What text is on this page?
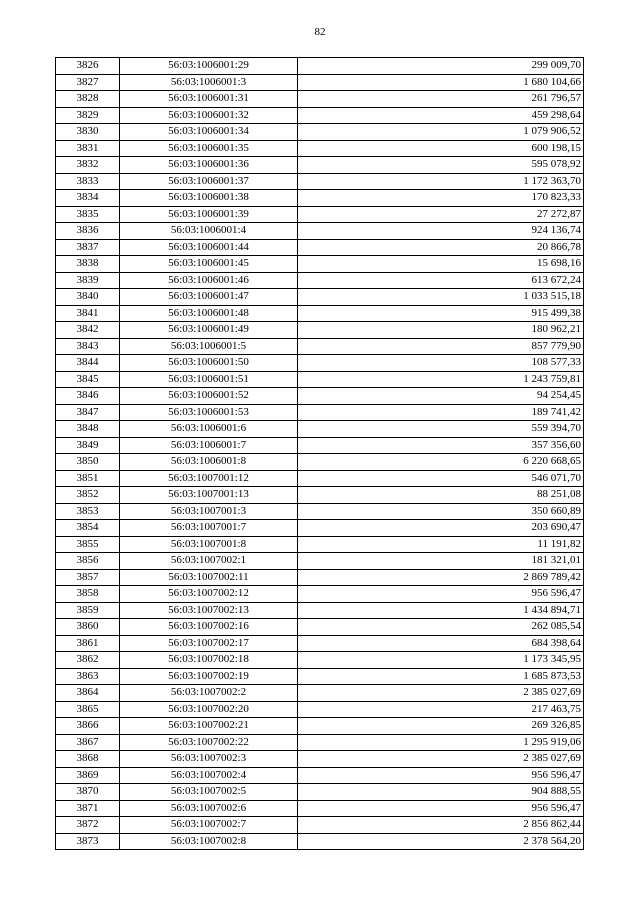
82
3826	56:03:1006001:29	299 009,70
3827	56:03:1006001:3	1 680 104,66
3828	56:03:1006001:31	261 796,57
3829	56:03:1006001:32	459 298,64
3830	56:03:1006001:34	1 079 906,52
3831	56:03:1006001:35	600 198,15
3832	56:03:1006001:36	595 078,92
3833	56:03:1006001:37	1 172 363,70
3834	56:03:1006001:38	170 823,33
3835	56:03:1006001:39	27 272,87
3836	56:03:1006001:4	924 136,74
3837	56:03:1006001:44	20 866,78
3838	56:03:1006001:45	15 698,16
3839	56:03:1006001:46	613 672,24
3840	56:03:1006001:47	1 033 515,18
3841	56:03:1006001:48	915 499,38
3842	56:03:1006001:49	180 962,21
3843	56:03:1006001:5	857 779,90
3844	56:03:1006001:50	108 577,33
3845	56:03:1006001:51	1 243 759,81
3846	56:03:1006001:52	94 254,45
3847	56:03:1006001:53	189 741,42
3848	56:03:1006001:6	559 394,70
3849	56:03:1006001:7	357 356,60
3850	56:03:1006001:8	6 220 668,65
3851	56:03:1007001:12	546 071,70
3852	56:03:1007001:13	88 251,08
3853	56:03:1007001:3	350 660,89
3854	56:03:1007001:7	203 690,47
3855	56:03:1007001:8	11 191,82
3856	56:03:1007002:1	181 321,01
3857	56:03:1007002:11	2 869 789,42
3858	56:03:1007002:12	956 596,47
3859	56:03:1007002:13	1 434 894,71
3860	56:03:1007002:16	262 085,54
3861	56:03:1007002:17	684 398,64
3862	56:03:1007002:18	1 173 345,95
3863	56:03:1007002:19	1 685 873,53
3864	56:03:1007002:2	2 385 027,69
3865	56:03:1007002:20	217 463,75
3866	56:03:1007002:21	269 326,85
3867	56:03:1007002:22	1 295 919,06
3868	56:03:1007002:3	2 385 027,69
3869	56:03:1007002:4	956 596,47
3870	56:03:1007002:5	904 888,55
3871	56:03:1007002:6	956 596,47
3872	56:03:1007002:7	2 856 862,44
3873	56:03:1007002:8	2 378 564,20
